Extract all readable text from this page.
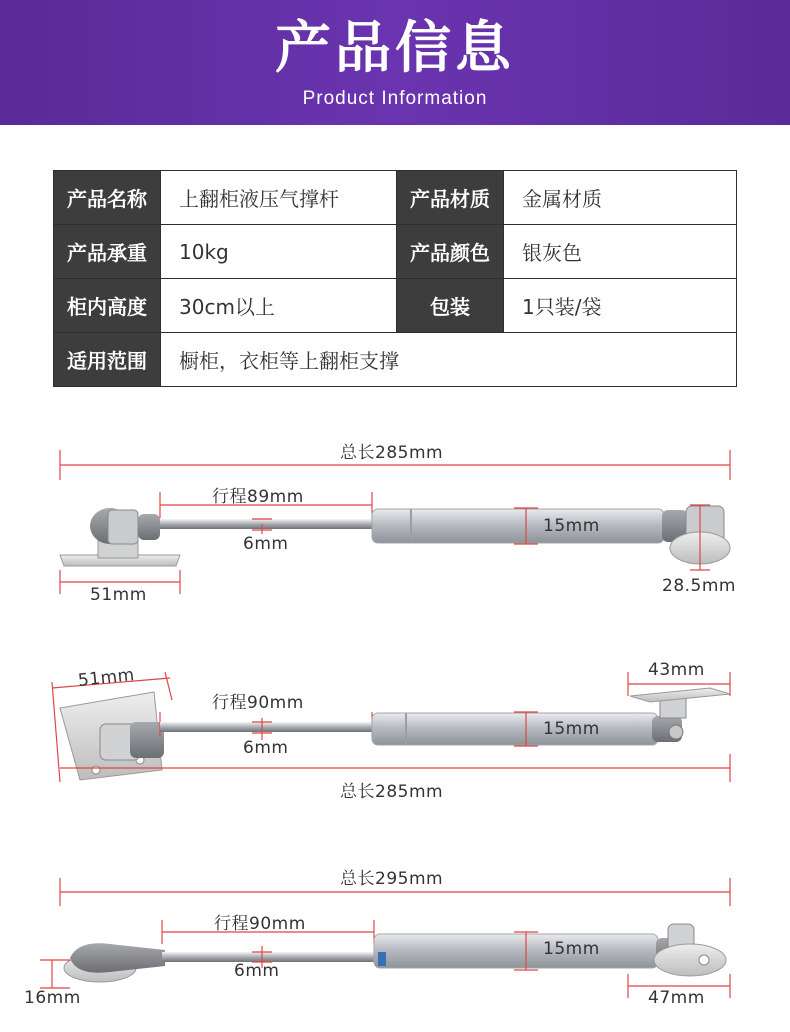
产品信息
Product Information
产品名称	上翻柜液压气撑杆	产品材质	金属材质
产品承重	10kg	产品颜色	银灰色
柜内高度	30cm以上	包装	1只装/袋
适用范围	橱柜，衣柜等上翻柜支撑		
总长285mm
行程89mm
6mm
15mm
51mm	28.5mm
51mm	43mm
行程90mm
6mm
15mm
总长285mm
总长295mm
行程90mm
6mm
15mm
16mm	47mm
